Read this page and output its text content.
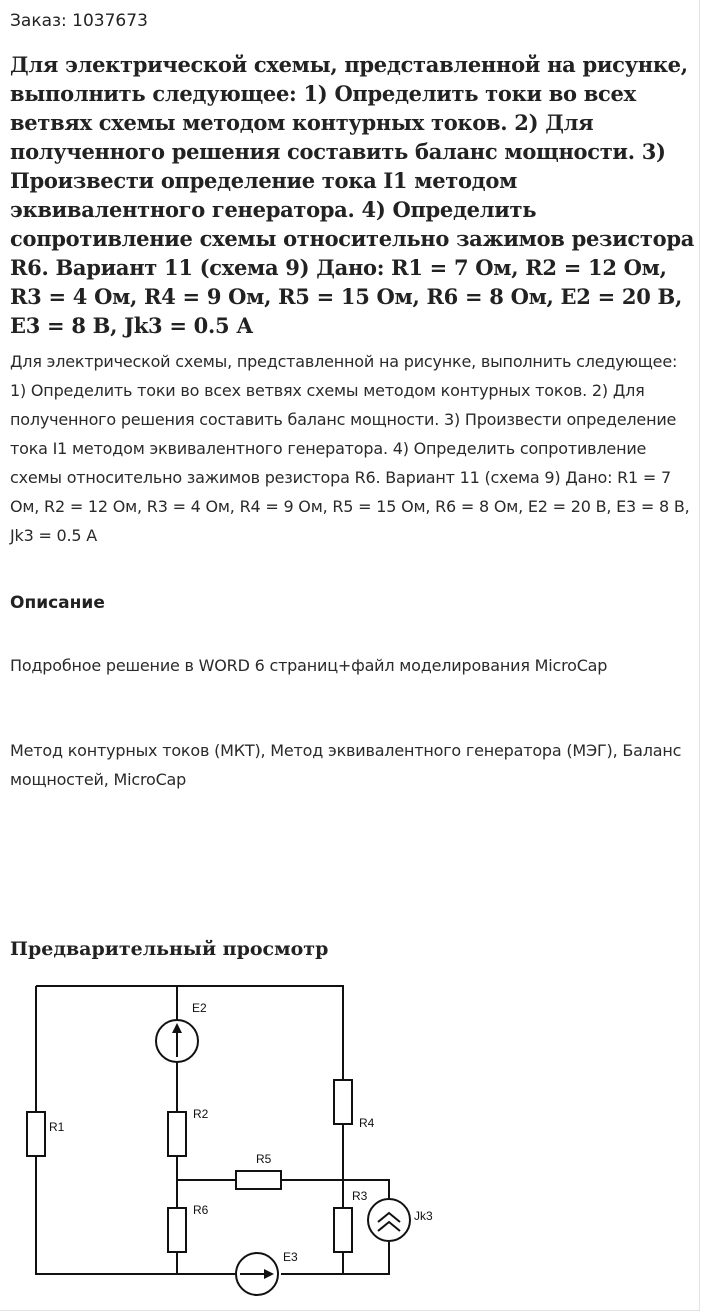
Заказ: 1037673
Для электрической схемы, представленной на рисунке, выполнить следующее: 1) Определить токи во всех ветвях схемы методом контурных токов. 2) Для полученного решения составить баланс мощности. 3) Произвести определение тока I1 методом эквивалентного генератора. 4) Определить сопротивление схемы относительно зажимов резистора R6. Вариант 11 (схема 9) Дано: R1 = 7 Ом, R2 = 12 Ом, R3 = 4 Ом, R4 = 9 Ом, R5 = 15 Ом, R6 = 8 Ом, E2 = 20 В, E3 = 8 В, Jk3 = 0.5 А

Для электрической схемы, представленной на рисунке, выполнить следующее: 1) Определить токи во всех ветвях схемы методом контурных токов. 2) Для полученного решения составить баланс мощности. 3) Произвести определение тока I1 методом эквивалентного генератора. 4) Определить сопротивление схемы относительно зажимов резистора R6. Вариант 11 (схема 9) Дано: R1 = 7 Ом, R2 = 12 Ом, R3 = 4 Ом, R4 = 9 Ом, R5 = 15 Ом, R6 = 8 Ом, E2 = 20 В, E3 = 8 В, Jk3 = 0.5 А

Описание

Подробное решение в WORD 6 страниц+файл моделирования MicroCap

Метод контурных токов (МКТ), Метод эквивалентного генератора (МЭГ), Баланс мощностей, MicroCap

Предварительный просмотр
E2
R1
R2
R4
R5
R3
R6	Jk3
E3
